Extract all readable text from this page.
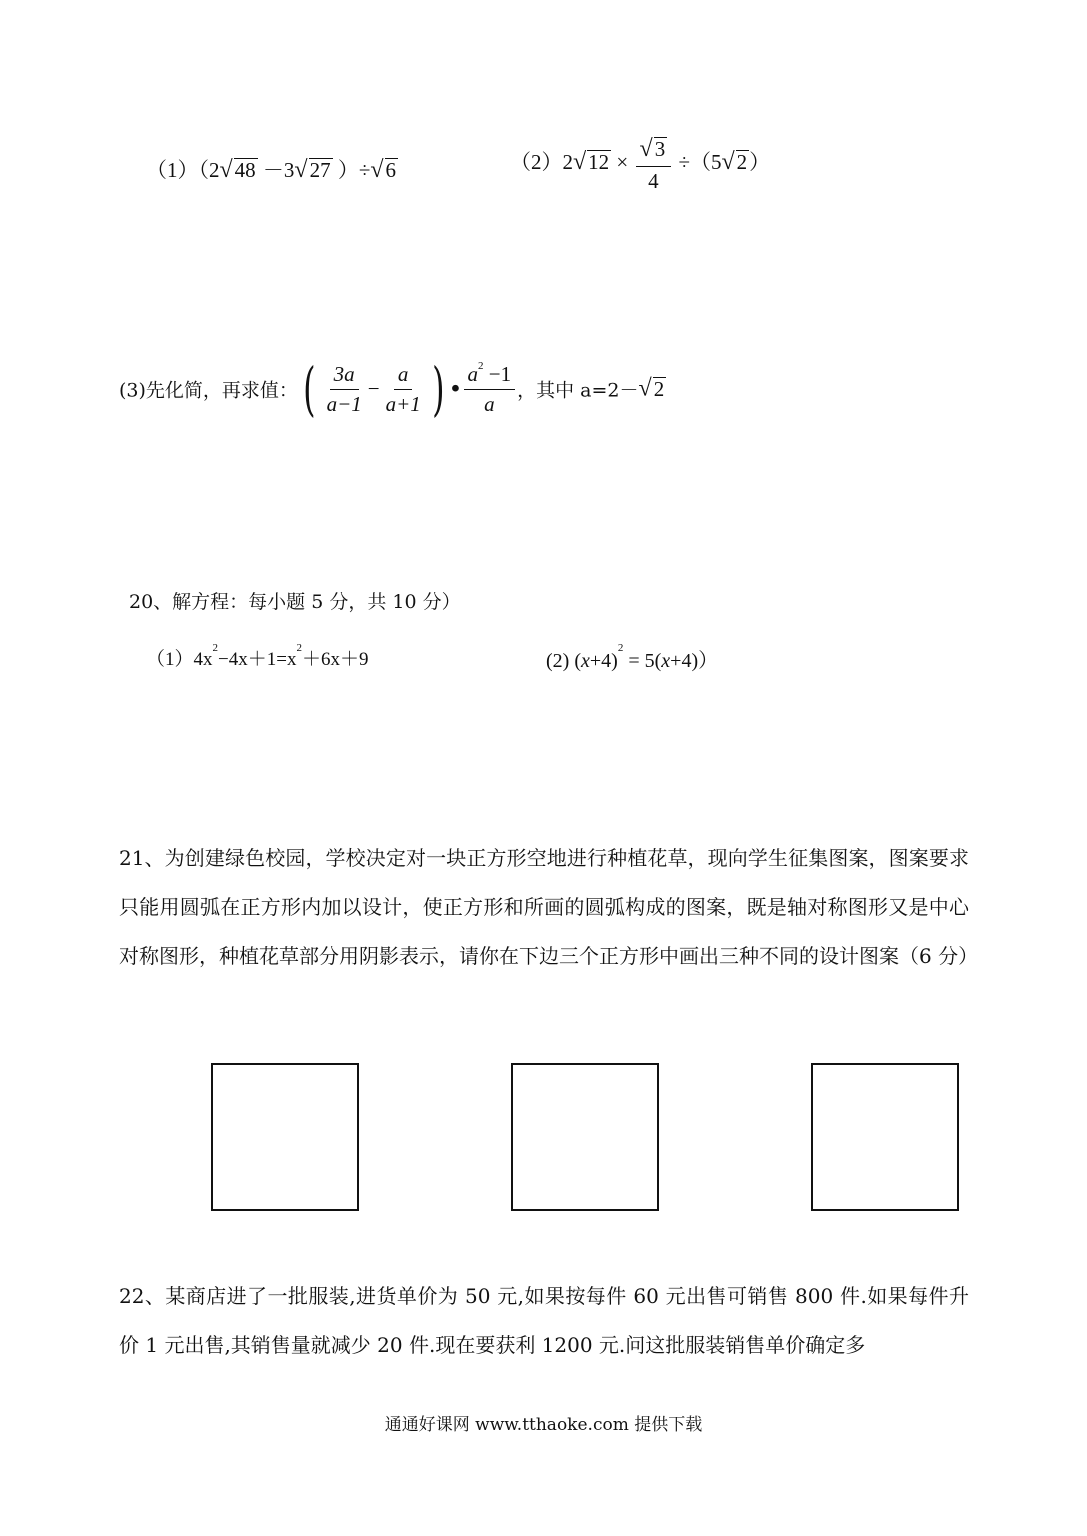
（1）（2√48 －3√27 ）÷√6	$(2)2√12 \times \frac{√3}{4} \div(5√2)$
(3)先化简，再求值：( $\frac{3a}{a-1} - \frac{a}{a+1}$ ) • $\frac{a^2 -1}{a}$ ，其中 a=2－√2
20、解方程：每小题 5 分，共 10 分）
$(1)4x^2-4x+1=x^2+6x+9$	(2) $(x+4)^2 = 5(x+4)$）
21、为创建绿色校园，学校决定对一块正方形空地进行种植花草，现向学生征集图案，图案要求只能用圆弧在正方形内加以设计，使正方形和所画的圆弧构成的图案，既是轴对称图形又是中心对称图形，种植花草部分用阴影表示，请你在下边三个正方形中画出三种不同的设计图案（6 分）
22、某商店进了一批服装,进货单价为 50 元,如果按每件 60 元出售可销售 800 件.如果每件升价 1 元出售,其销售量就减少 20 件.现在要获利 1200 元.问这批服装销售单价确定多
通通好课网 www.tthaoke.com 提供下载
